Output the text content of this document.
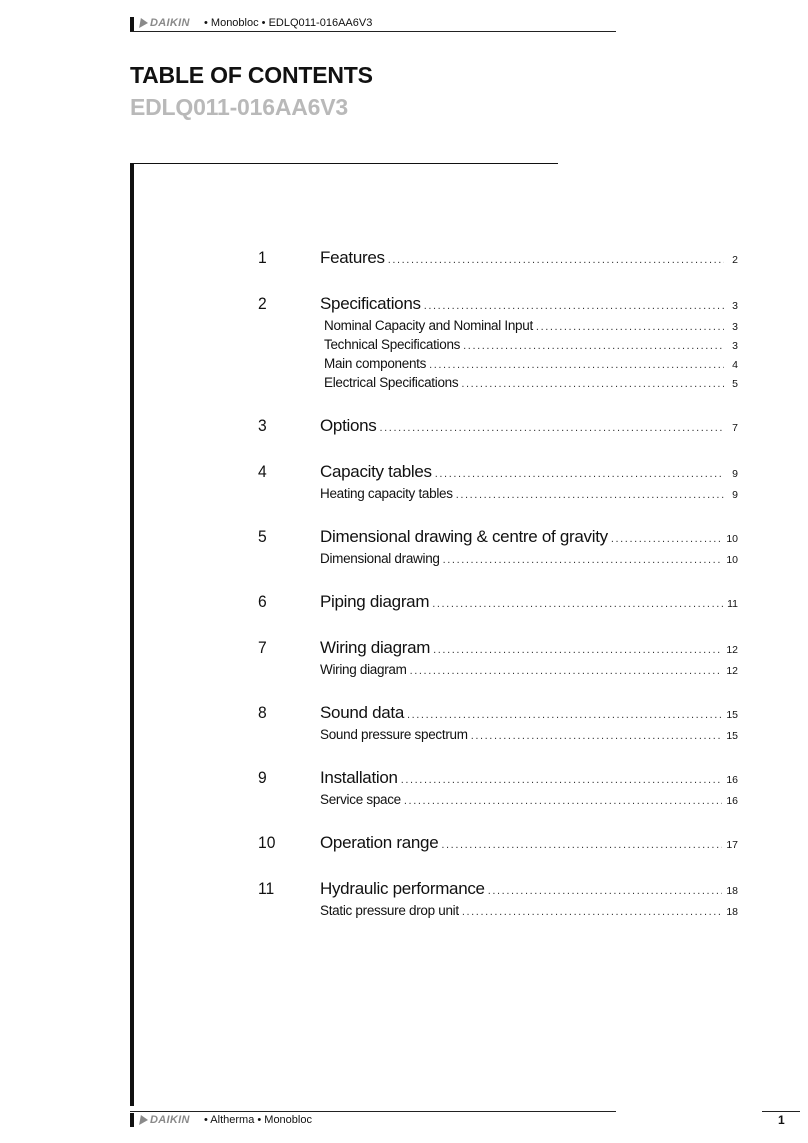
DAIKIN • Monobloc • EDLQ011-016AA6V3
TABLE OF CONTENTS
EDLQ011-016AA6V3
1	Features .....	2
2	Specifications .....	3
Nominal Capacity and Nominal Input .....	3
Technical Specifications .....	3
Main components .....	4
Electrical Specifications .....	5
3	Options .....	7
4	Capacity tables .....	9
Heating capacity tables .....	9
5	Dimensional drawing & centre of gravity .....	10
Dimensional drawing .....	10
6	Piping diagram .....	11
7	Wiring diagram .....	12
Wiring diagram .....	12
8	Sound data .....	15
Sound pressure spectrum .....	15
9	Installation .....	16
Service space .....	16
10	Operation range .....	17
11	Hydraulic performance .....	18
Static pressure drop unit .....	18
DAIKIN • Altherma • Monobloc	1
